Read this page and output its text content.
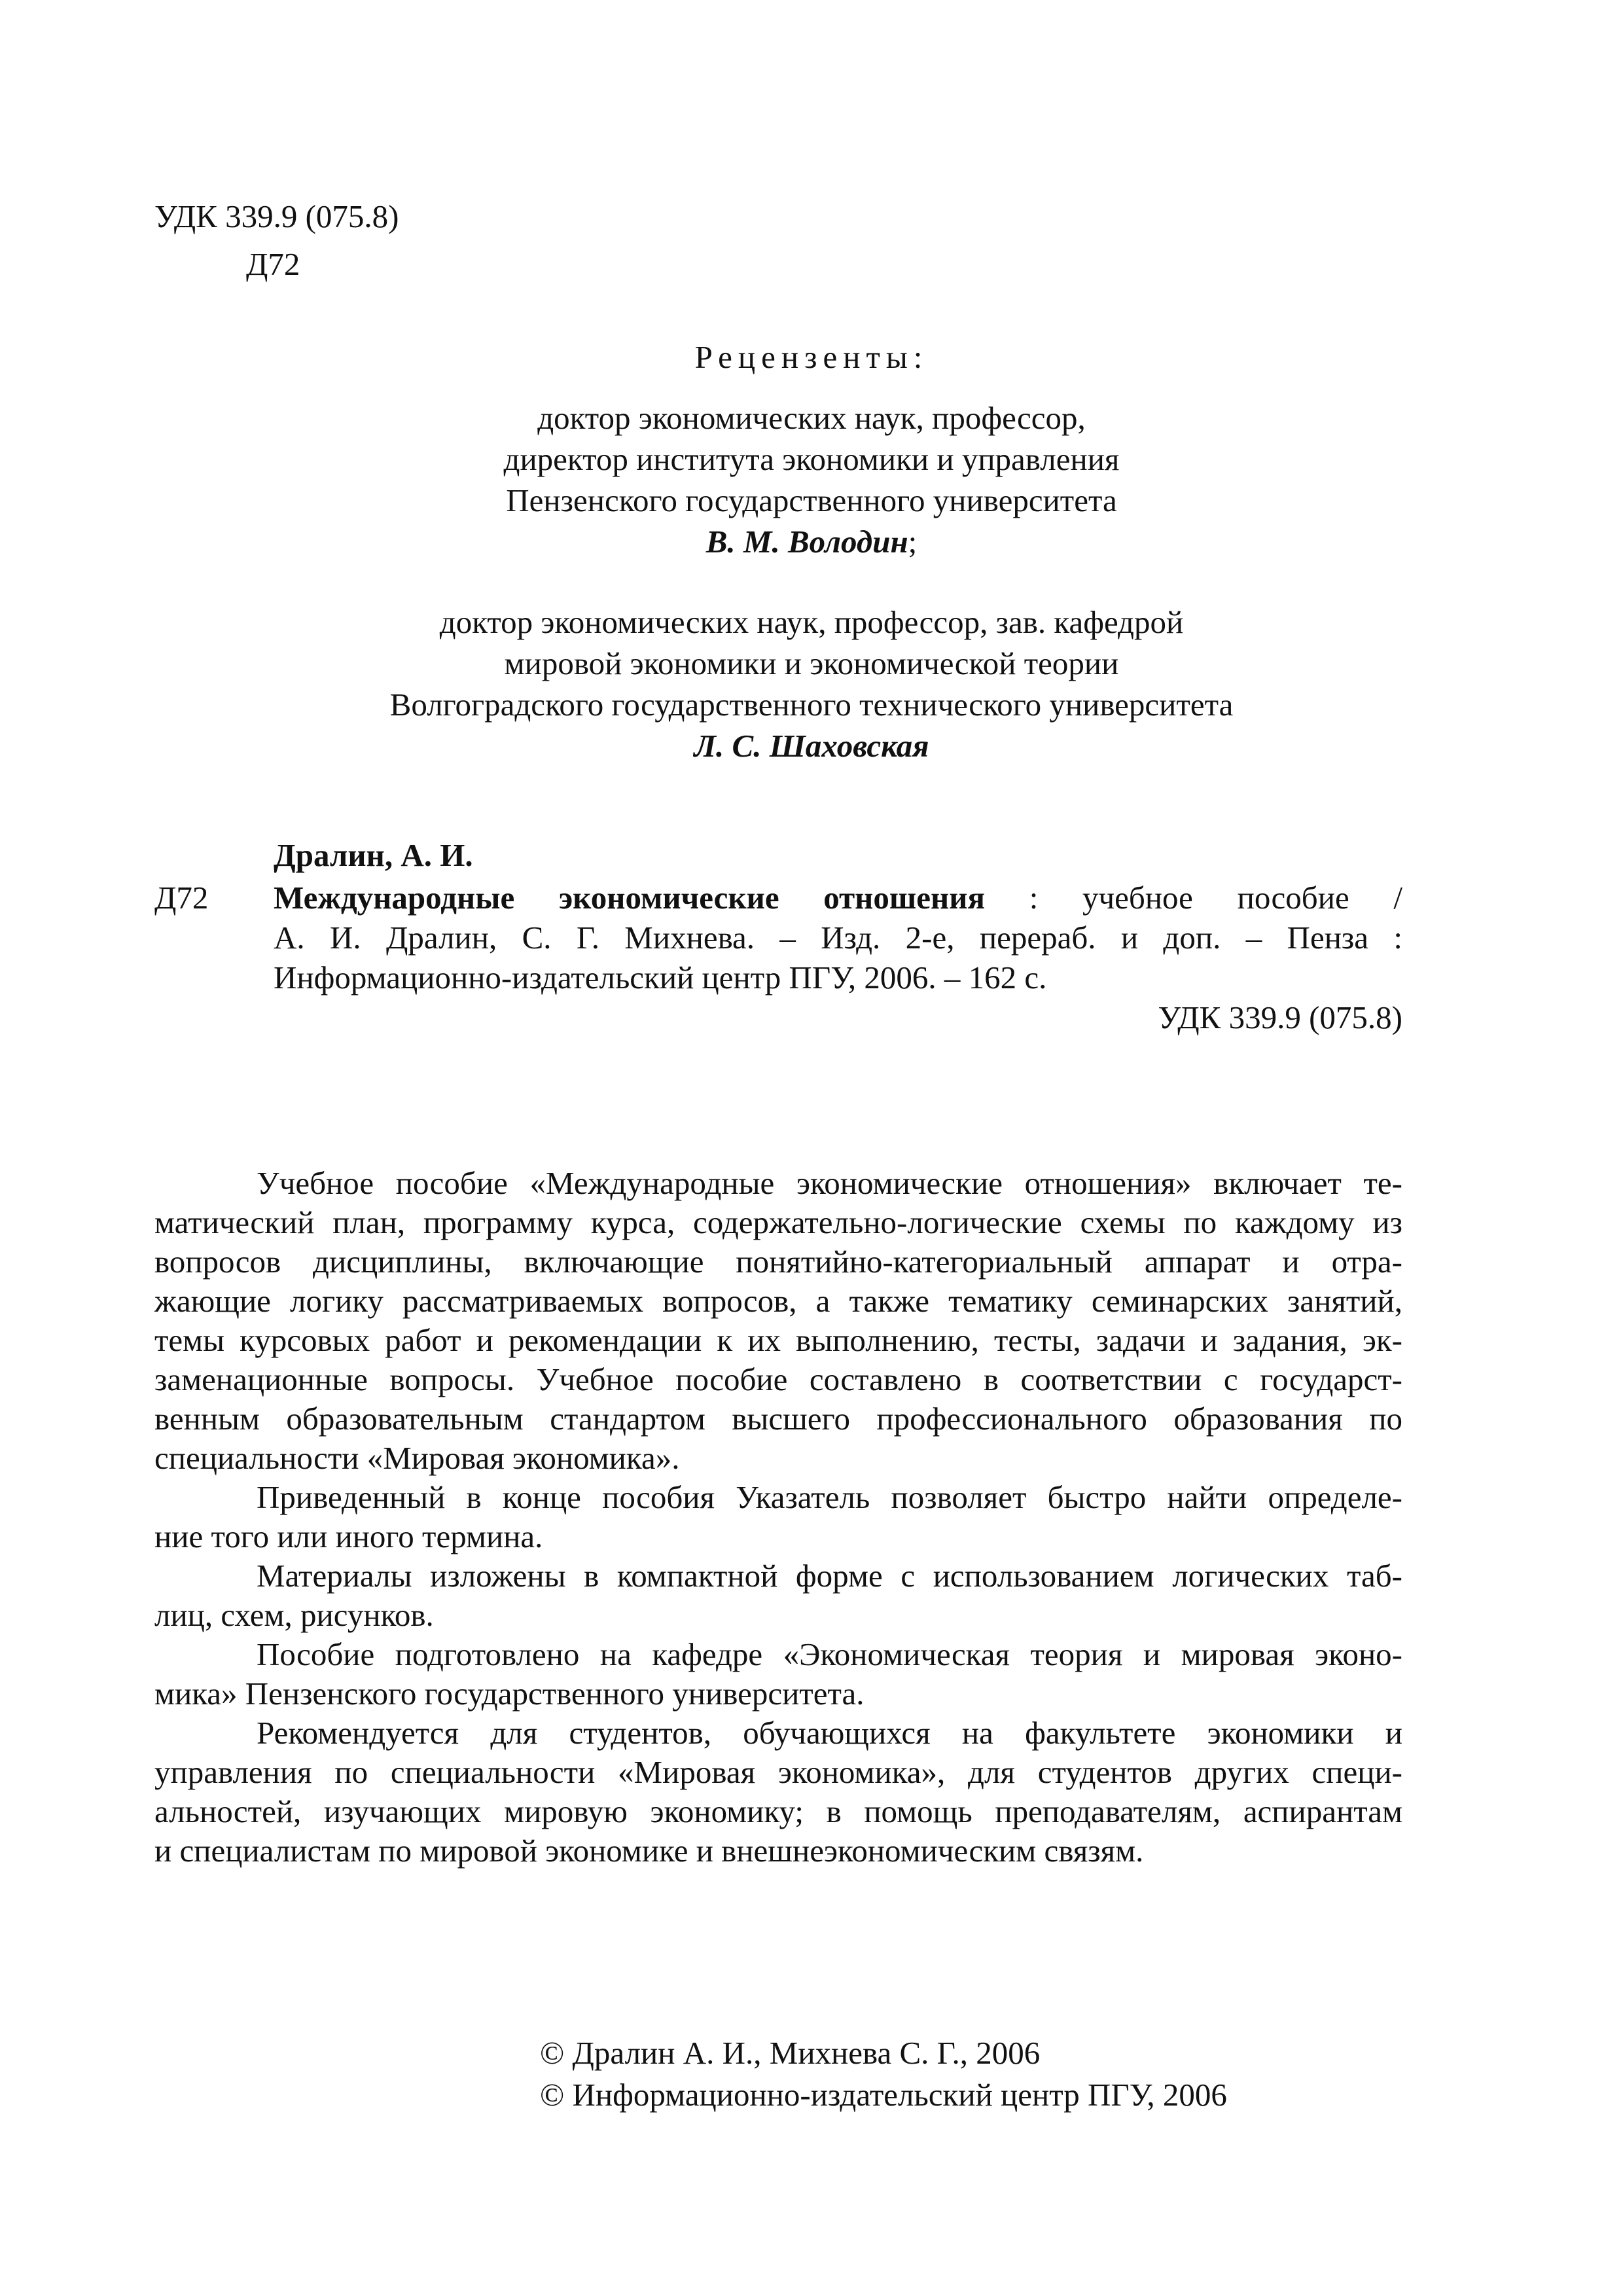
УДК 339.9 (075.8)
Д72
Рецензенты:
доктор экономических наук, профессор,
директор института экономики и управления
Пензенского государственного университета
В. М. Володин;
доктор экономических наук, профессор, зав. кафедрой
мировой экономики и экономической теории
Волгоградского государственного технического университета
Л. С. Шаховская
Дралин, А. И.
Д72 Международные экономические отношения : учебное пособие /
А. И. Дралин, С. Г. Михнева. – Изд. 2-е, перераб. и доп. – Пенза :
Информационно-издательский центр ПГУ, 2006. – 162 с.
УДК 339.9 (075.8)
Учебное пособие «Международные экономические отношения» включает те-
матический план, программу курса, содержательно-логические схемы по каждому из
вопросов дисциплины, включающие понятийно-категориальный аппарат и отра-
жающие логику рассматриваемых вопросов, а также тематику семинарских занятий,
темы курсовых работ и рекомендации к их выполнению, тесты, задачи и задания, эк-
заменационные вопросы. Учебное пособие составлено в соответствии с государст-
венным образовательным стандартом высшего профессионального образования по
специальности «Мировая экономика».
Приведенный в конце пособия Указатель позволяет быстро найти определе-
ние того или иного термина.
Материалы изложены в компактной форме с использованием логических таб-
лиц, схем, рисунков.
Пособие подготовлено на кафедре «Экономическая теория и мировая эконо-
мика» Пензенского государственного университета.
Рекомендуется для студентов, обучающихся на факультете экономики и
управления по специальности «Мировая экономика», для студентов других специ-
альностей, изучающих мировую экономику; в помощь преподавателям, аспирантам
и специалистам по мировой экономике и внешнеэкономическим связям.
© Дралин А. И., Михнева С. Г., 2006
© Информационно-издательский центр ПГУ, 2006
